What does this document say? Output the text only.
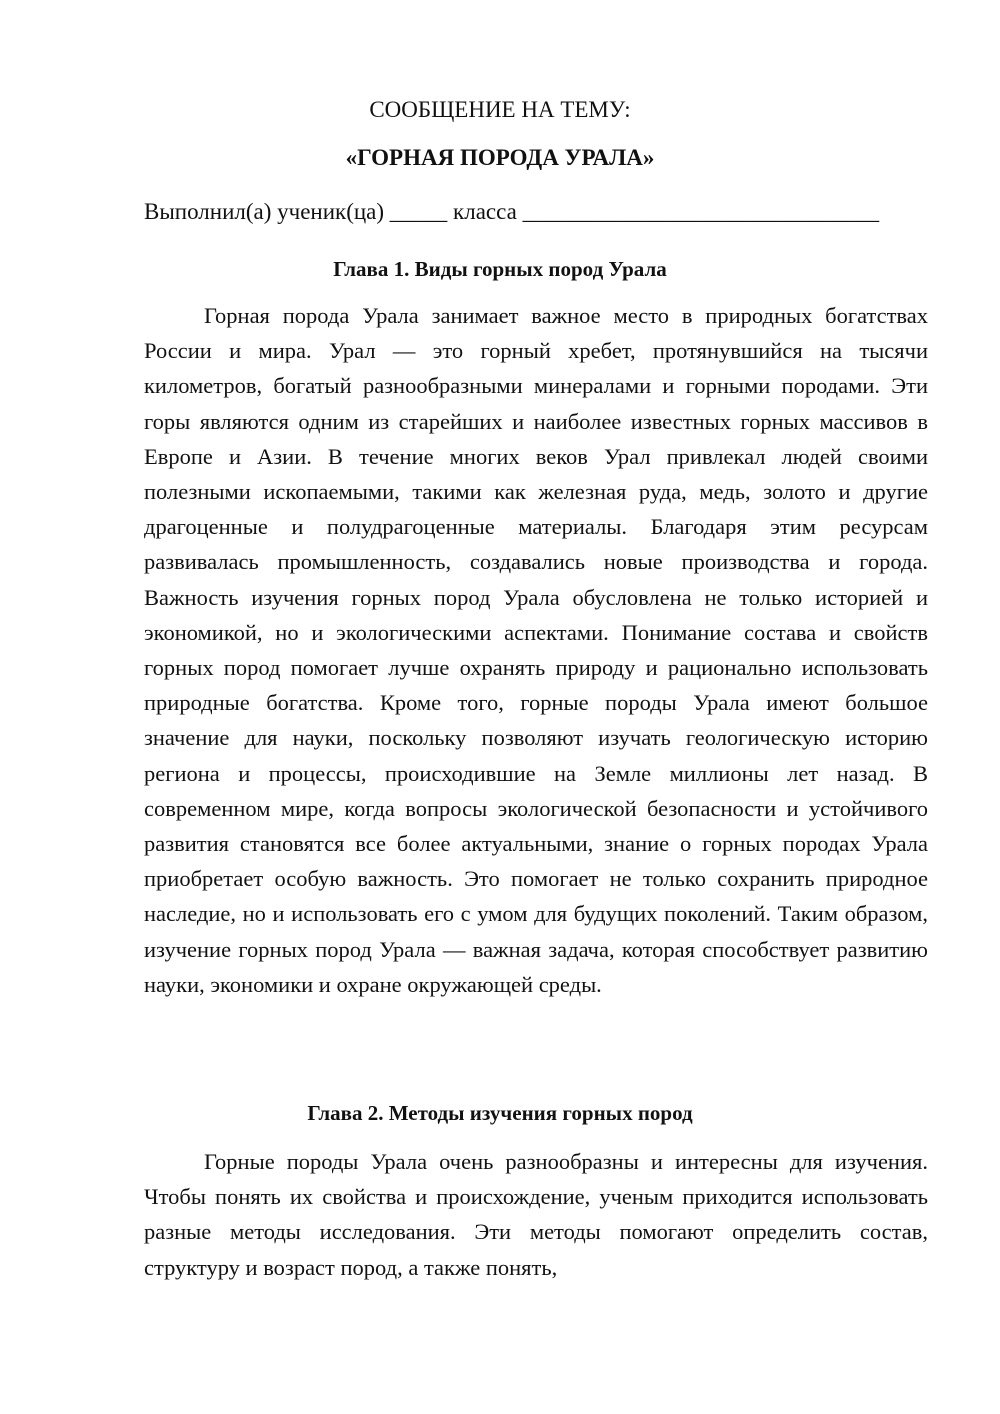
СООБЩЕНИЕ НА ТЕМУ:
«ГОРНАЯ ПОРОДА УРАЛА»
Выполнил(а) ученик(ца) _____ класса _______________________________
Глава 1. Виды горных пород Урала

Горная порода Урала занимает важное место в природных богатствах России и мира. Урал — это горный хребет, протянувшийся на тысячи километров, богатый разнообразными минералами и горными породами. Эти горы являются одним из старейших и наиболее известных горных массивов в Европе и Азии. В течение многих веков Урал привлекал людей своими полезными ископаемыми, такими как железная руда, медь, золото и другие драгоценные и полудрагоценные материалы. Благодаря этим ресурсам развивалась промышленность, создавались новые производства и города. Важность изучения горных пород Урала обусловлена не только историей и экономикой, но и экологическими аспектами. Понимание состава и свойств горных пород помогает лучше охранять природу и рационально использовать природные богатства. Кроме того, горные породы Урала имеют большое значение для науки, поскольку позволяют изучать геологическую историю региона и процессы, происходившие на Земле миллионы лет назад. В современном мире, когда вопросы экологической безопасности и устойчивого развития становятся все более актуальными, знание о горных породах Урала приобретает особую важность. Это помогает не только сохранить природное наследие, но и использовать его с умом для будущих поколений. Таким образом, изучение горных пород Урала — важная задача, которая способствует развитию науки, экономики и охране окружающей среды.

Глава 2. Методы изучения горных пород

Горные породы Урала очень разнообразны и интересны для изучения. Чтобы понять их свойства и происхождение, ученым приходится использовать разные методы исследования. Эти методы помогают определить состав, структуру и возраст пород, а также понять,
